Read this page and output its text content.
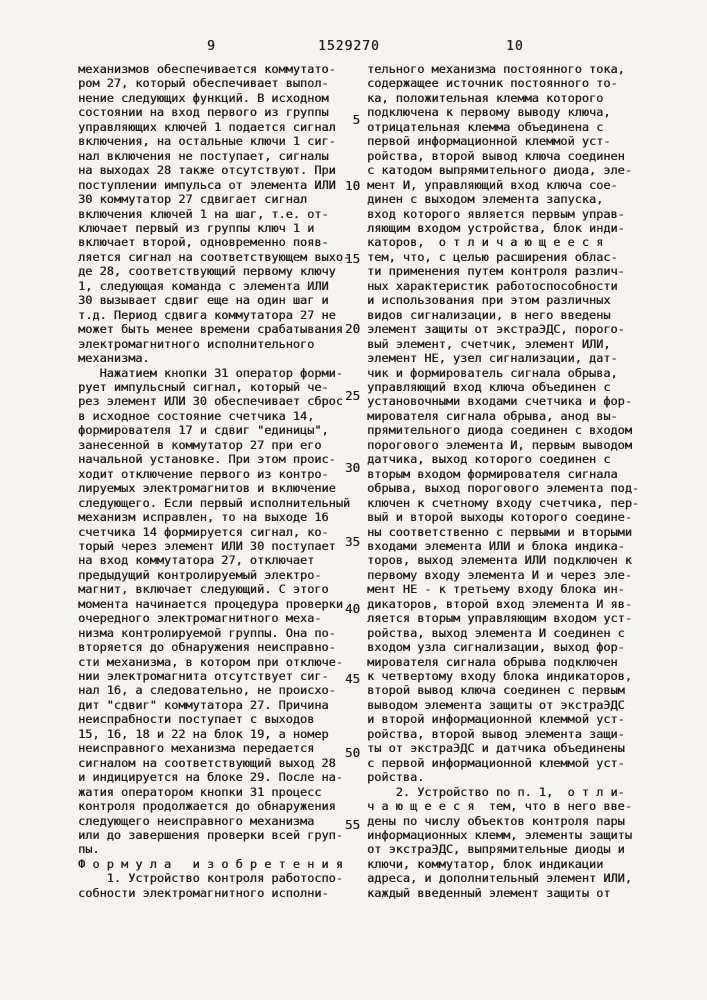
9	1529270	10
механизмов обеспечивается коммутато-
ром 27, который обеспечивает выпол-
нение следующих функций. В исходном
состоянии на вход первого из группы
управляющих ключей 1 подается сигнал
включения, на остальные ключи 1 сиг-
нал включения не поступает, сигналы
на выходах 28 также отсутствуют. При
поступлении импульса от элемента ИЛИ
30 коммутатор 27 сдвигает сигнал
включения ключей 1 на шаг, т.е. от-
ключает первый из группы ключ 1 и
включает второй, одновременно появ-
ляется сигнал на соответствующем выхо-
де 28, соответствующий первому ключу
1, следующая команда с элемента ИЛИ
30 вызывает сдвиг еще на один шаг и
т.д. Период сдвига коммутатора 27 не
может быть менее времени срабатывания
электромагнитного исполнительного
механизма.
Нажатием кнопки 31 оператор форми-
рует импульсный сигнал, который че-
рез элемент ИЛИ 30 обеспечивает сброс
в исходное состояние счетчика 14,
формирователя 17 и сдвиг "единицы",
занесенной в коммутатор 27 при его
начальной установке. При этом проис-
ходит отключение первого из контро-
лируемых электромагнитов и включение
следующего. Если первый исполнительный
механизм исправлен, то на выходе 16
счетчика 14 формируется сигнал, ко-
торый через элемент ИЛИ 30 поступает
на вход коммутатора 27, отключает
предыдущий контролируемый электро-
магнит, включает следующий. С этого
момента начинается процедура проверки
очередного электромагнитного меха-
низма контролируемой группы. Она по-
вторяется до обнаружения неисправно-
сти механизма, в котором при отключе-
нии электромагнита отсутствует сиг-
нал 16, а следовательно, не происхо-
дит "сдвиг" коммутатора 27. Причина
неиспрабности поступает с выходов
15, 16, 18 и 22 на блок 19, а номер
неисправного механизма передается
сигналом на соответствующий выход 28
и индицируется на блоке 29. После на-
жатия оператором кнопки 31 процесс
контроля продолжается до обнаружения
следующего неисправного механизма
или до завершения проверки всей груп-
пы.
Ф о р м у л а   и з о б р е т е н и я
1. Устройство контроля работоспо-
собности электромагнитного исполни-
тельного механизма постоянного тока,
содержащее источник постоянного то-
ка, положительная клемма которого
подключена к первому выводу ключа,
отрицательная клемма объединена с
первой информационной клеммой уст-
ройства, второй вывод ключа соединен
с катодом выпрямительного диода, эле-
мент И, управляющий вход ключа сое-
динен с выходом элемента запуска,
вход которого является первым управ-
ляющим входом устройства, блок инди-
каторов,  о т л и ч а ю щ е е с я
тем, что, с целью расширения облас-
ти применения путем контроля различ-
ных характеристик работоспособности
и использования при этом различных
видов сигнализации, в него введены
элемент защиты от экстраЭДС, порого-
вый элемент, счетчик, элемент ИЛИ,
элемент НЕ, узел сигнализации, дат-
чик и формирователь сигнала обрыва,
управляющий вход ключа объединен с
установочными входами счетчика и фор-
мирователя сигнала обрыва, анод вы-
прямительного диода соединен с входом
порогового элемента И, первым выводом
датчика, выход которого соединен с
вторым входом формирователя сигнала
обрыва, выход порогового элемента под-
ключен к счетному входу счетчика, пер-
вый и второй выходы которого соедине-
ны соответственно с первыми и вторыми
входами элемента ИЛИ и блока индика-
торов, выход элемента ИЛИ подключен к
первому входу элемента И и через эле-
мент НЕ - к третьему входу блока ин-
дикаторов, второй вход элемента И яв-
ляется вторым управляющим входом уст-
ройства, выход элемента И соединен с
входом узла сигнализации, выход фор-
мирователя сигнала обрыва подключен
к четвертому входу блока индикаторов,
второй вывод ключа соединен с первым
выводом элемента защиты от экстраЭДС
и второй информационной клеммой уст-
ройства, второй вывод элемента защи-
ты от экстраЭДС и датчика объединены
с первой информационной клеммой уст-
ройства.
2. Устройство по п. 1,  о т л и-
ч а ю щ е е с я  тем, что в него вве-
дены по числу объектов контроля пары
информационных клемм, элементы защиты
от экстраЭДС, выпрямительные диоды и
ключи, коммутатор, блок индикации
адреса, и дополнительный элемент ИЛИ,
каждый введенный элемент защиты от
5
10
15
20
25
30
35
40
45
50
55
